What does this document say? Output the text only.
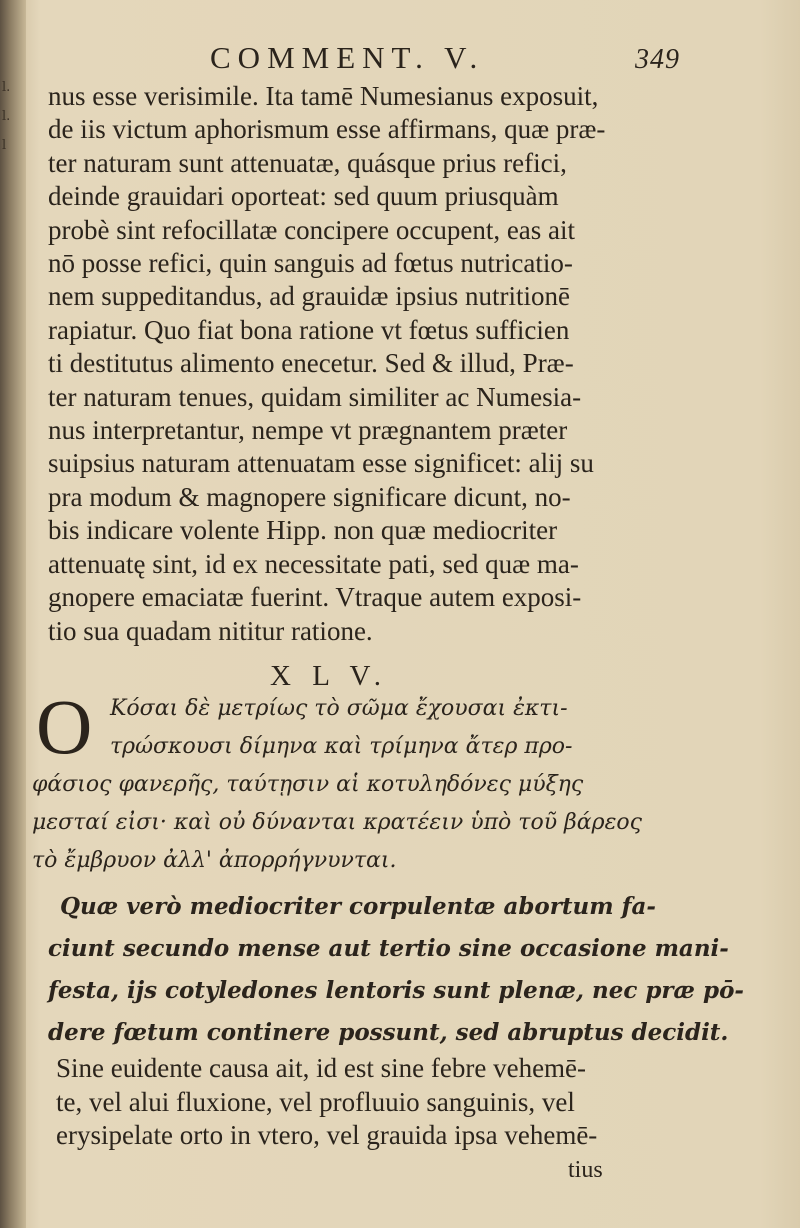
l.
l.
l
COMMENT. V.	349
nus esse verisimile. Ita tamē Numesianus exposuit,
de iis victum aphorismum esse affirmans, quæ præ-
ter naturam sunt attenuatæ, quásque prius refici,
deinde grauidari oporteat: sed quum priusquàm
probè sint refocillatæ concipere occupent, eas ait
nō posse refici, quin sanguis ad fœtus nutricatio-
nem suppeditandus, ad grauidæ ipsius nutritionē
rapiatur. Quo fiat bona ratione vt fœtus sufficien
ti destitutus alimento enecetur. Sed & illud, Præ-
ter naturam tenues, quidam similiter ac Numesia-
nus interpretantur, nempe vt prægnantem præter
suipsius naturam attenuatam esse significet: alij su
pra modum & magnopere significare dicunt, no-
bis indicare volente Hipp. non quæ mediocriter
attenuatę sint, id ex necessitate pati, sed quæ ma-
gnopere emaciatæ fuerint. Vtraque autem exposi-
tio sua quadam nititur ratione.
X L V.
O Κόσαι δὲ μετρίως τὸ σῶμα ἔχουσαι ἐκτι-
τρώσκουσι δίμηνα καὶ τρίμηνα ἄτερ προ-
φάσιος φανερῆς, ταύτῃσιν αἱ κοτυληδόνες μύξης
μεσταί εἰσι· καὶ οὐ δύνανται κρατέειν ὑπὸ τοῦ βάρεος
τὸ ἔμβρυον ἀλλ' ἀπορρήγνυνται.
Quæ verò mediocriter corpulentæ abortum fa-
ciunt secundo mense aut tertio sine occasione mani-
festa, ijs cotyledones lentoris sunt plenæ, nec præ pō-
dere fœtum continere possunt, sed abruptus decidit.
Sine euidente causa ait, id est sine febre vehemē-
te, vel alui fluxione, vel profluuio sanguinis, vel
erysipelate orto in vtero, vel grauida ipsa vehemē-
tius
